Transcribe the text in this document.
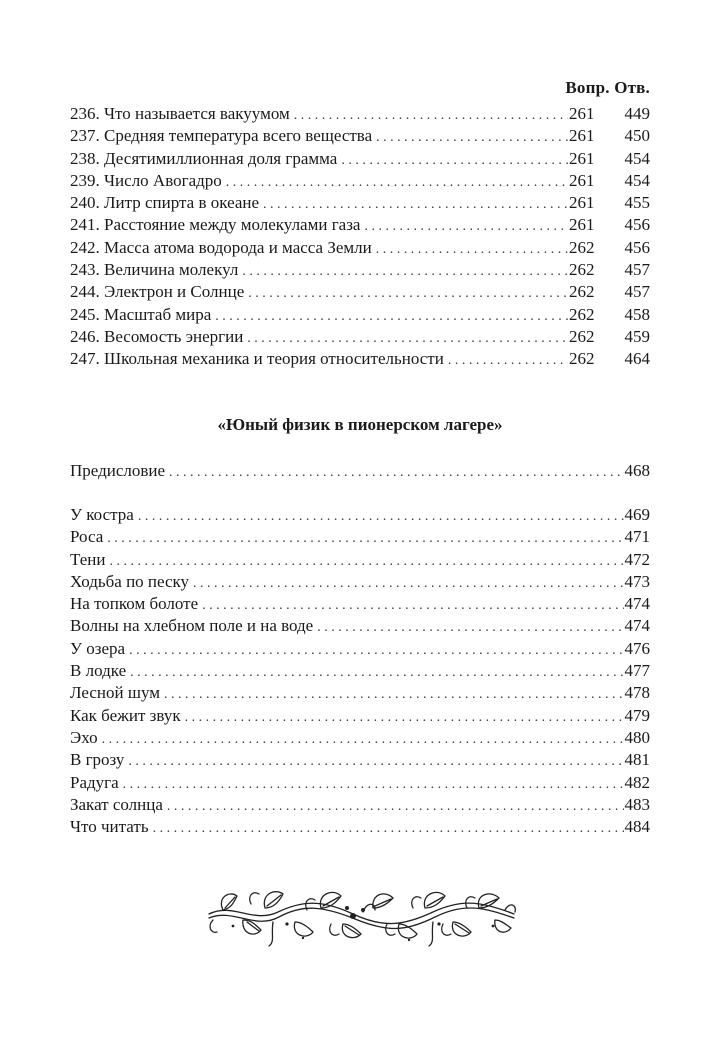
Вопр. Отв.
236. Что называется вакуумом . . .	261	449
237. Средняя температура всего вещества . . .	261	450
238. Десятимиллионная доля грамма . . .	261	454
239. Число Авогадро . . .	261	454
240. Литр спирта в океане . . .	261	455
241. Расстояние между молекулами газа . . .	261	456
242. Масса атома водорода и масса Земли . . .	262	456
243. Величина молекул . . .	262	457
244. Электрон и Солнце . . .	262	457
245. Масштаб мира . . .	262	458
246. Весомость энергии . . .	262	459
247. Школьная механика и теория относительности . . .	262	464
«Юный физик в пионерском лагере»
Предисловие . . .	468
У костра . . .	469
Роса . . .	471
Тени . . .	472
Ходьба по песку . . .	473
На топком болоте . . .	474
Волны на хлебном поле и на воде . . .	474
У озера . . .	476
В лодке . . .	477
Лесной шум . . .	478
Как бежит звук . . .	479
Эхо . . .	480
В грозу . . .	481
Радуга . . .	482
Закат солнца . . .	483
Что читать . . .	484
